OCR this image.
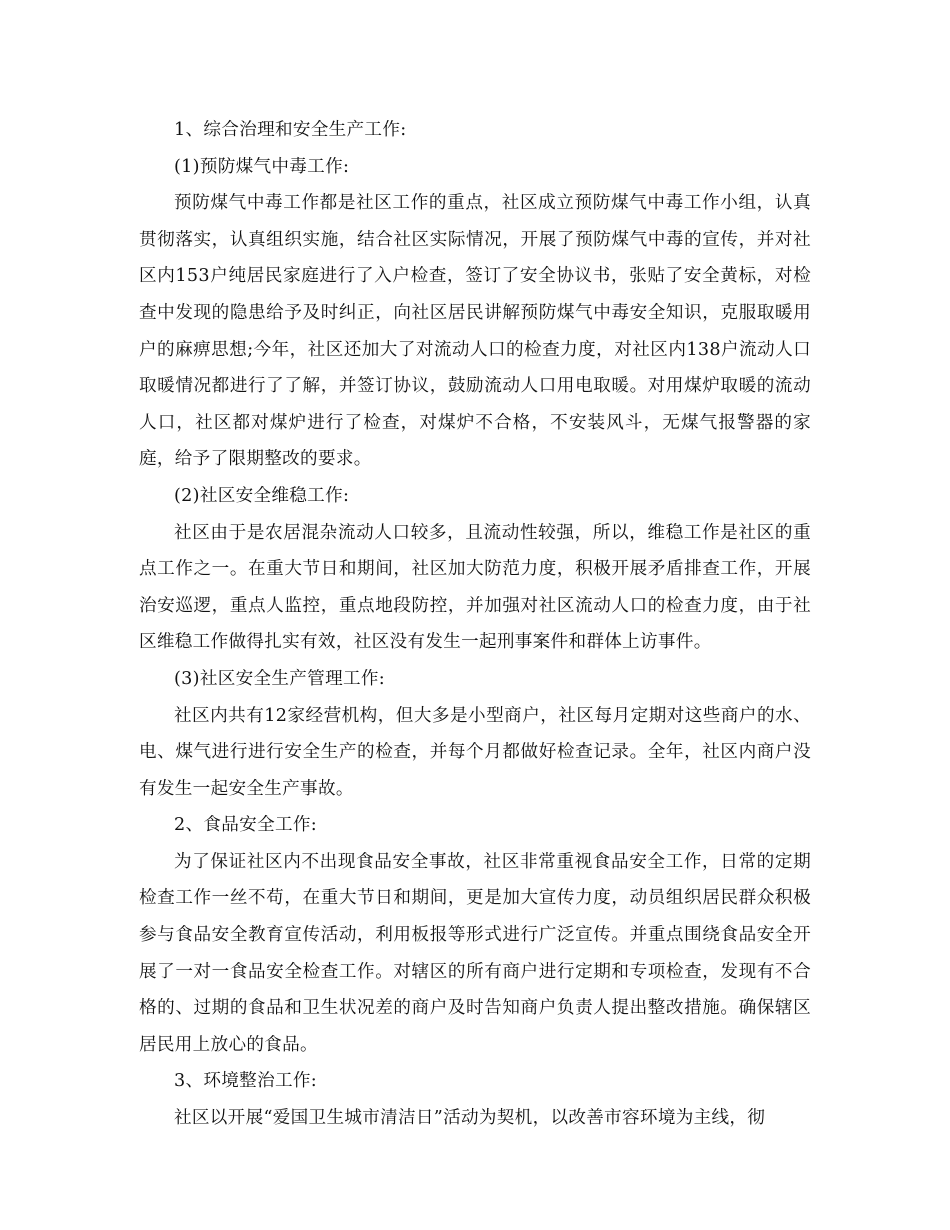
1、综合治理和安全生产工作:

(1)预防煤气中毒工作:

预防煤气中毒工作都是社区工作的重点，社区成立预防煤气中毒工作小组，认真贯彻落实，认真组织实施，结合社区实际情况，开展了预防煤气中毒的宣传，并对社区内153户纯居民家庭进行了入户检查，签订了安全协议书，张贴了安全黄标，对检查中发现的隐患给予及时纠正，向社区居民讲解预防煤气中毒安全知识，克服取暖用户的麻痹思想;今年，社区还加大了对流动人口的检查力度，对社区内138户流动人口取暖情况都进行了了解，并签订协议，鼓励流动人口用电取暖。对用煤炉取暖的流动人口，社区都对煤炉进行了检查，对煤炉不合格，不安装风斗，无煤气报警器的家庭，给予了限期整改的要求。

(2)社区安全维稳工作:

社区由于是农居混杂流动人口较多，且流动性较强，所以，维稳工作是社区的重点工作之一。在重大节日和期间，社区加大防范力度，积极开展矛盾排查工作，开展治安巡逻，重点人监控，重点地段防控，并加强对社区流动人口的检查力度，由于社区维稳工作做得扎实有效，社区没有发生一起刑事案件和群体上访事件。

(3)社区安全生产管理工作:

社区内共有12家经营机构，但大多是小型商户，社区每月定期对这些商户的水、电、煤气进行进行安全生产的检查，并每个月都做好检查记录。全年，社区内商户没有发生一起安全生产事故。

2、食品安全工作:

为了保证社区内不出现食品安全事故，社区非常重视食品安全工作，日常的定期检查工作一丝不苟，在重大节日和期间，更是加大宣传力度，动员组织居民群众积极参与食品安全教育宣传活动，利用板报等形式进行广泛宣传。并重点围绕食品安全开展了一对一食品安全检查工作。对辖区的所有商户进行定期和专项检查，发现有不合格的、过期的食品和卫生状况差的商户及时告知商户负责人提出整改措施。确保辖区居民用上放心的食品。

3、环境整治工作:

社区以开展“爱国卫生城市清洁日”活动为契机，以改善市容环境为主线，彻
